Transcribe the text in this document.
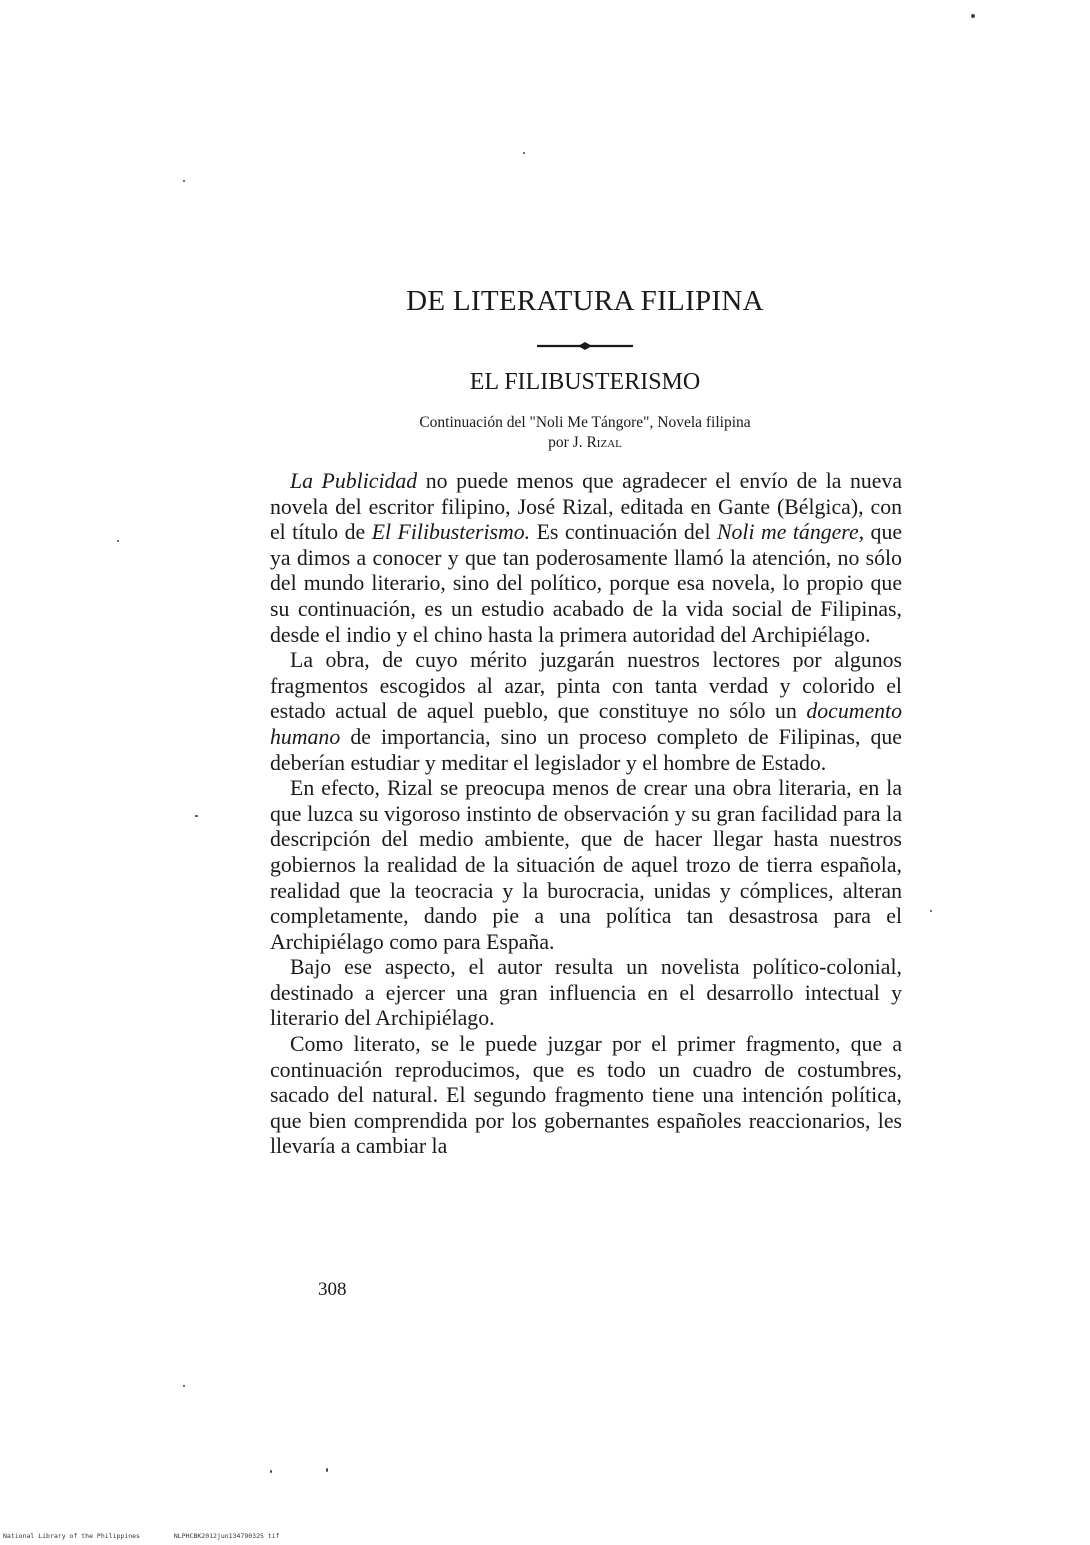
DE LITERATURA FILIPINA
EL FILIBUSTERISMO
Continuación del "Noli Me Tángore", Novela filipina
por J. Rizal

La Publicidad no puede menos que agradecer el envío de la nueva novela del escritor filipino, José Rizal, editada en Gante (Bélgica), con el título de El Filibusterismo. Es continuación del Noli me tángere, que ya dimos a conocer y que tan poderosamente llamó la atención, no sólo del mundo literario, sino del político, porque esa novela, lo propio que su continuación, es un estudio acabado de la vida social de Filipinas, desde el indio y el chino hasta la primera autoridad del Archipiélago.

La obra, de cuyo mérito juzgarán nuestros lectores por algunos fragmentos escogidos al azar, pinta con tanta verdad y colorido el estado actual de aquel pueblo, que constituye no sólo un documento humano de importancia, sino un proceso completo de Filipinas, que deberían estudiar y meditar el legislador y el hombre de Estado.

En efecto, Rizal se preocupa menos de crear una obra literaria, en la que luzca su vigoroso instinto de observación y su gran facilidad para la descripción del medio ambiente, que de hacer llegar hasta nuestros gobiernos la realidad de la situación de aquel trozo de tierra española, realidad que la teocracia y la burocracia, unidas y cómplices, alteran completamente, dando pie a una política tan desastrosa para el Archipiélago como para España.

Bajo ese aspecto, el autor resulta un novelista político-colonial, destinado a ejercer una gran influencia en el desarrollo intectual y literario del Archipiélago.

Como literato, se le puede juzgar por el primer fragmento, que a continuación reproducimos, que es todo un cuadro de costumbres, sacado del natural. El segundo fragmento tiene una intención política, que bien comprendida por los gobernantes españoles reaccionarios, les llevaría a cambiar la

308
National Library of the Philippines	NLPHCBK2012jun134790325 tif
